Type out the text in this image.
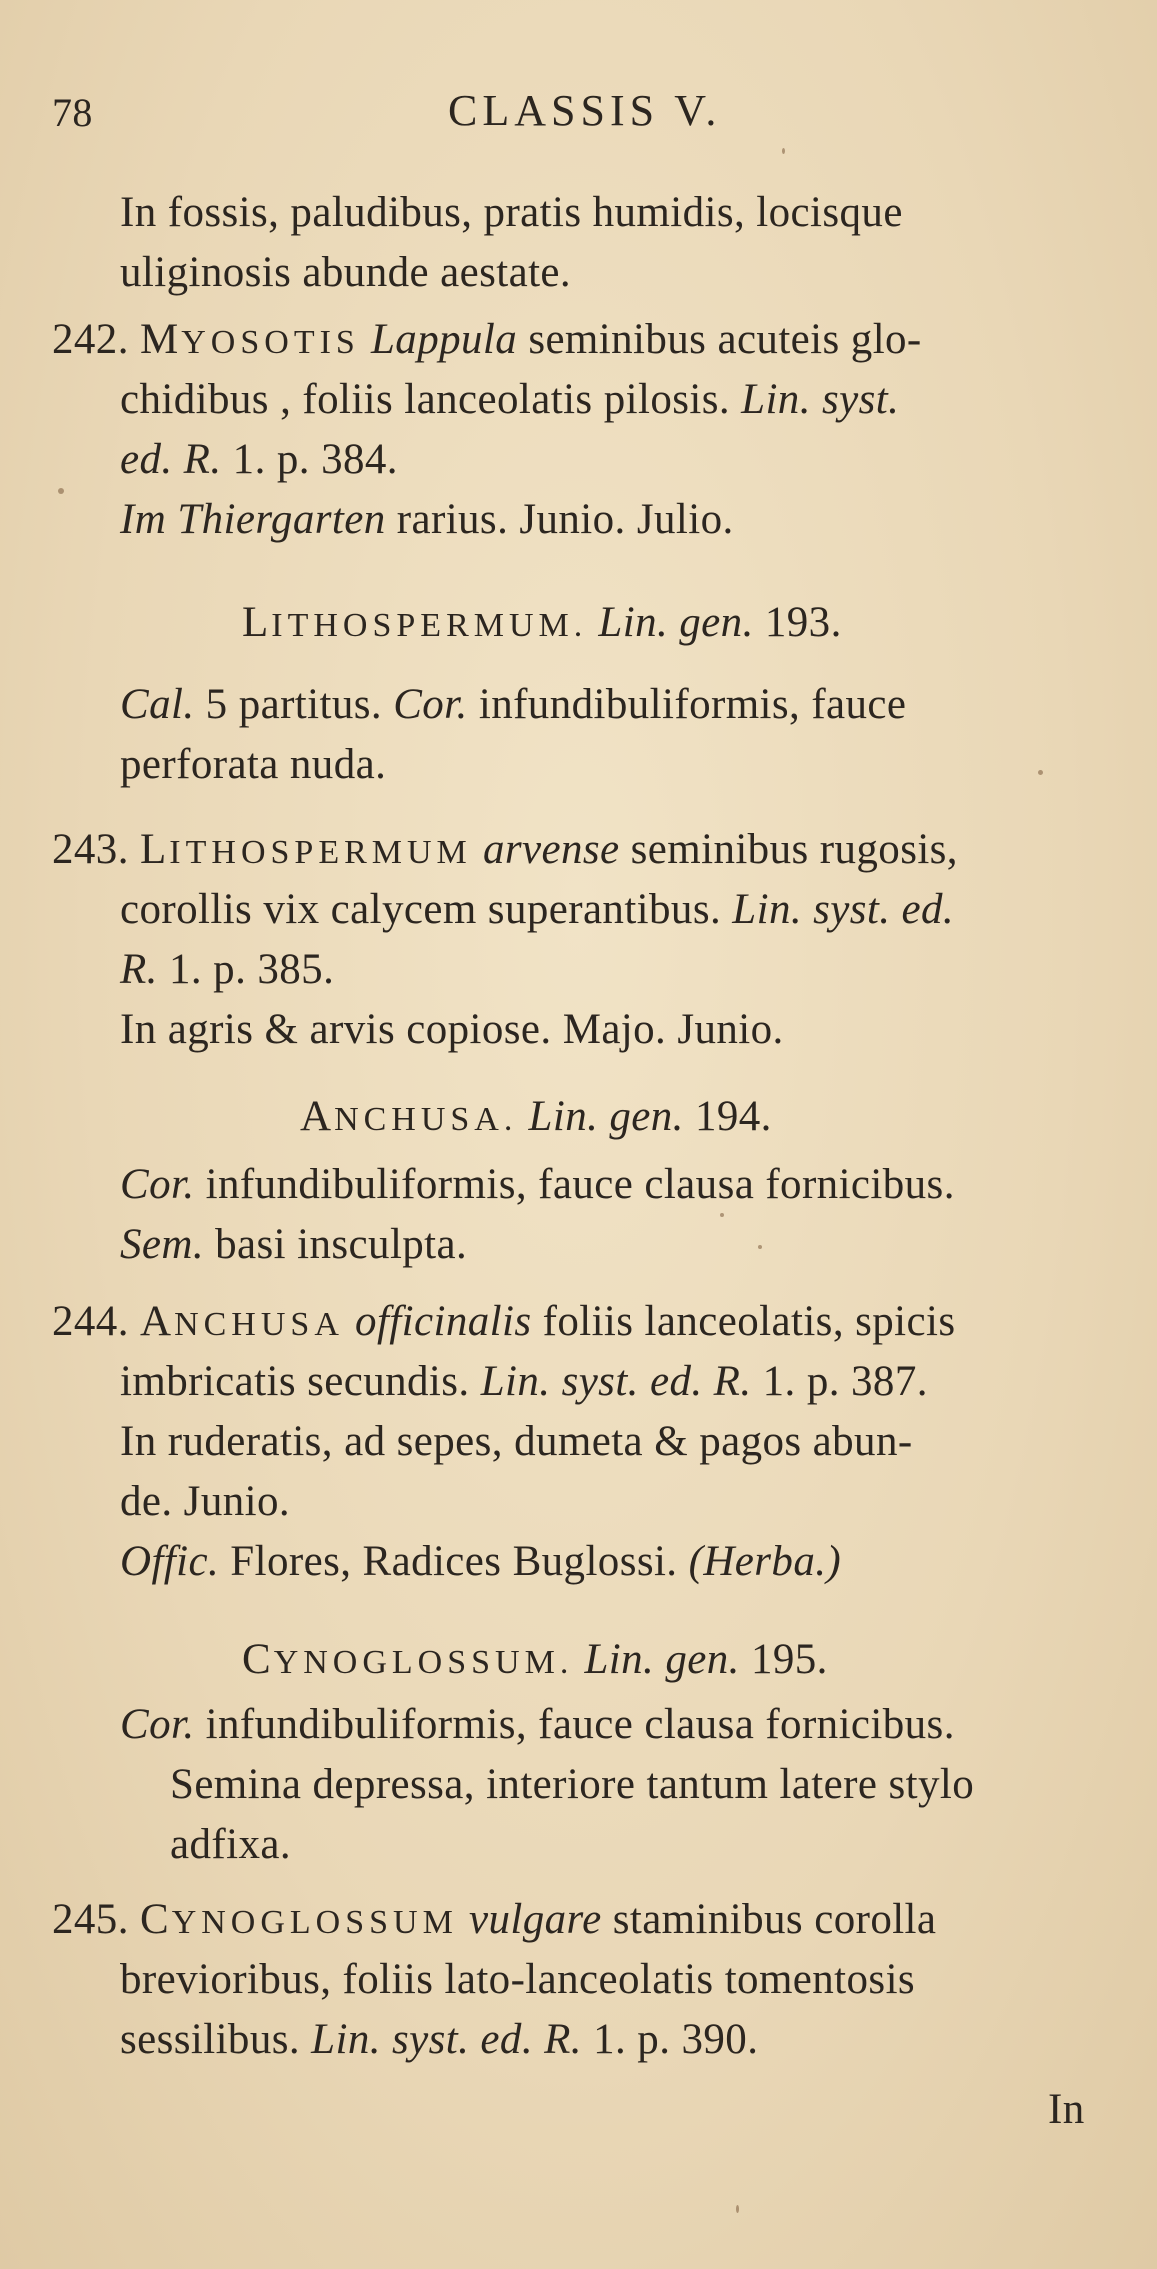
78	CLASSIS V.
In fossis, paludibus, pratis humidis, locisque
uliginosis abunde aestate.
242. MYOSOTIS Lappula seminibus acuteis glo-
chidibus , foliis lanceolatis pilosis. Lin. syst.
ed. R. 1. p. 384.
Im Thiergarten rarius. Junio. Julio.
LITHOSPERMUM. Lin. gen. 193.
Cal. 5 partitus. Cor. infundibuliformis, fauce
perforata nuda.
243. LITHOSPERMUM arvense seminibus rugosis,
corollis vix calycem superantibus. Lin. syst. ed.
R. 1. p. 385.
In agris & arvis copiose. Majo. Junio.
ANCHUSA. Lin. gen. 194.
Cor. infundibuliformis, fauce clausa fornicibus.
Sem. basi insculpta.
244. ANCHUSA officinalis foliis lanceolatis, spicis
imbricatis secundis. Lin. syst. ed. R. 1. p. 387.
In ruderatis, ad sepes, dumeta & pagos abun-
de. Junio.
Offic. Flores, Radices Buglossi. (Herba.)
CYNOGLOSSUM. Lin. gen. 195.
Cor. infundibuliformis, fauce clausa fornicibus.
Semina depressa, interiore tantum latere stylo
adfixa.
245. CYNOGLOSSUM vulgare staminibus corolla
brevioribus, foliis lato-lanceolatis tomentosis
sessilibus. Lin. syst. ed. R. 1. p. 390.
In
